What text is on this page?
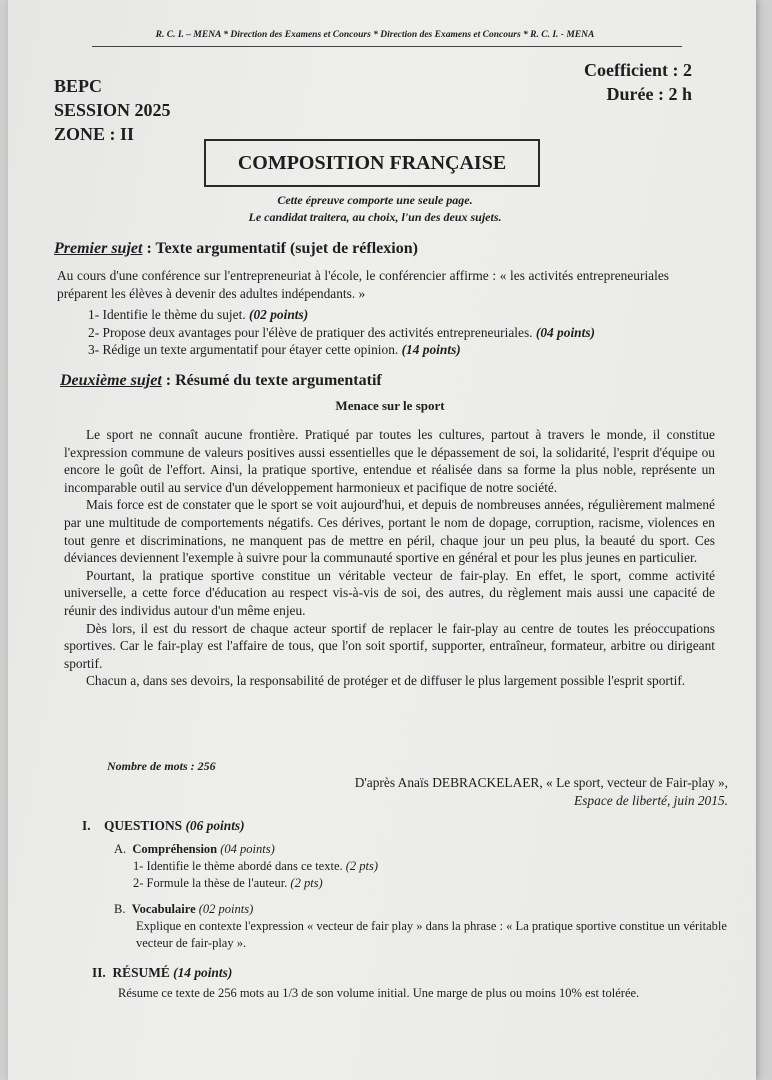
R. C. I. – MENA * Direction des Examens et Concours * Direction des Examens et Concours * R. C. I. - MENA
BEPC
SESSION 2025
ZONE : II
Coefficient : 2
Durée : 2 h
COMPOSITION FRANÇAISE
Cette épreuve comporte une seule page.
Le candidat traitera, au choix, l'un des deux sujets.
Premier sujet : Texte argumentatif (sujet de réflexion)

Au cours d'une conférence sur l'entrepreneuriat à l'école, le conférencier affirme : « les activités entrepreneuriales préparent les élèves à devenir des adultes indépendants. »

1- Identifie le thème du sujet. (02 points)
2- Propose deux avantages pour l'élève de pratiquer des activités entrepreneuriales. (04 points)
3- Rédige un texte argumentatif pour étayer cette opinion. (14 points)
Deuxième sujet : Résumé du texte argumentatif
Menace sur le sport

Le sport ne connaît aucune frontière. Pratiqué par toutes les cultures, partout à travers le monde, il constitue l'expression commune de valeurs positives aussi essentielles que le dépassement de soi, la solidarité, l'esprit d'équipe ou encore le goût de l'effort. Ainsi, la pratique sportive, entendue et réalisée dans sa forme la plus noble, représente un incomparable outil au service d'un développement harmonieux et pacifique de notre société.

Mais force est de constater que le sport se voit aujourd'hui, et depuis de nombreuses années, régulièrement malmené par une multitude de comportements négatifs. Ces dérives, portant le nom de dopage, corruption, racisme, violences en tout genre et discriminations, ne manquent pas de mettre en péril, chaque jour un peu plus, la beauté du sport. Ces déviances deviennent l'exemple à suivre pour la communauté sportive en général et pour les plus jeunes en particulier.

Pourtant, la pratique sportive constitue un véritable vecteur de fair-play. En effet, le sport, comme activité universelle, a cette force d'éducation au respect vis-à-vis de soi, des autres, du règlement mais aussi une capacité de réunir des individus autour d'un même enjeu.

Dès lors, il est du ressort de chaque acteur sportif de replacer le fair-play au centre de toutes les préoccupations sportives. Car le fair-play est l'affaire de tous, que l'on soit sportif, supporter, entraîneur, formateur, arbitre ou dirigeant sportif.

Chacun a, dans ses devoirs, la responsabilité de protéger et de diffuser le plus largement possible l'esprit sportif.

Nombre de mots : 256
D'après Anaïs DEBRACKELAER, « Le sport, vecteur de Fair-play »,
Espace de liberté, juin 2015.
I. QUESTIONS (06 points)
A. Compréhension (04 points)
1- Identifie le thème abordé dans ce texte. (2 pts)
2- Formule la thèse de l'auteur. (2 pts)
B. Vocabulaire (02 points)
Explique en contexte l'expression « vecteur de fair play » dans la phrase : « La pratique sportive constitue un véritable vecteur de fair-play ».
II. RÉSUMÉ (14 points)
Résume ce texte de 256 mots au 1/3 de son volume initial. Une marge de plus ou moins 10% est tolérée.
